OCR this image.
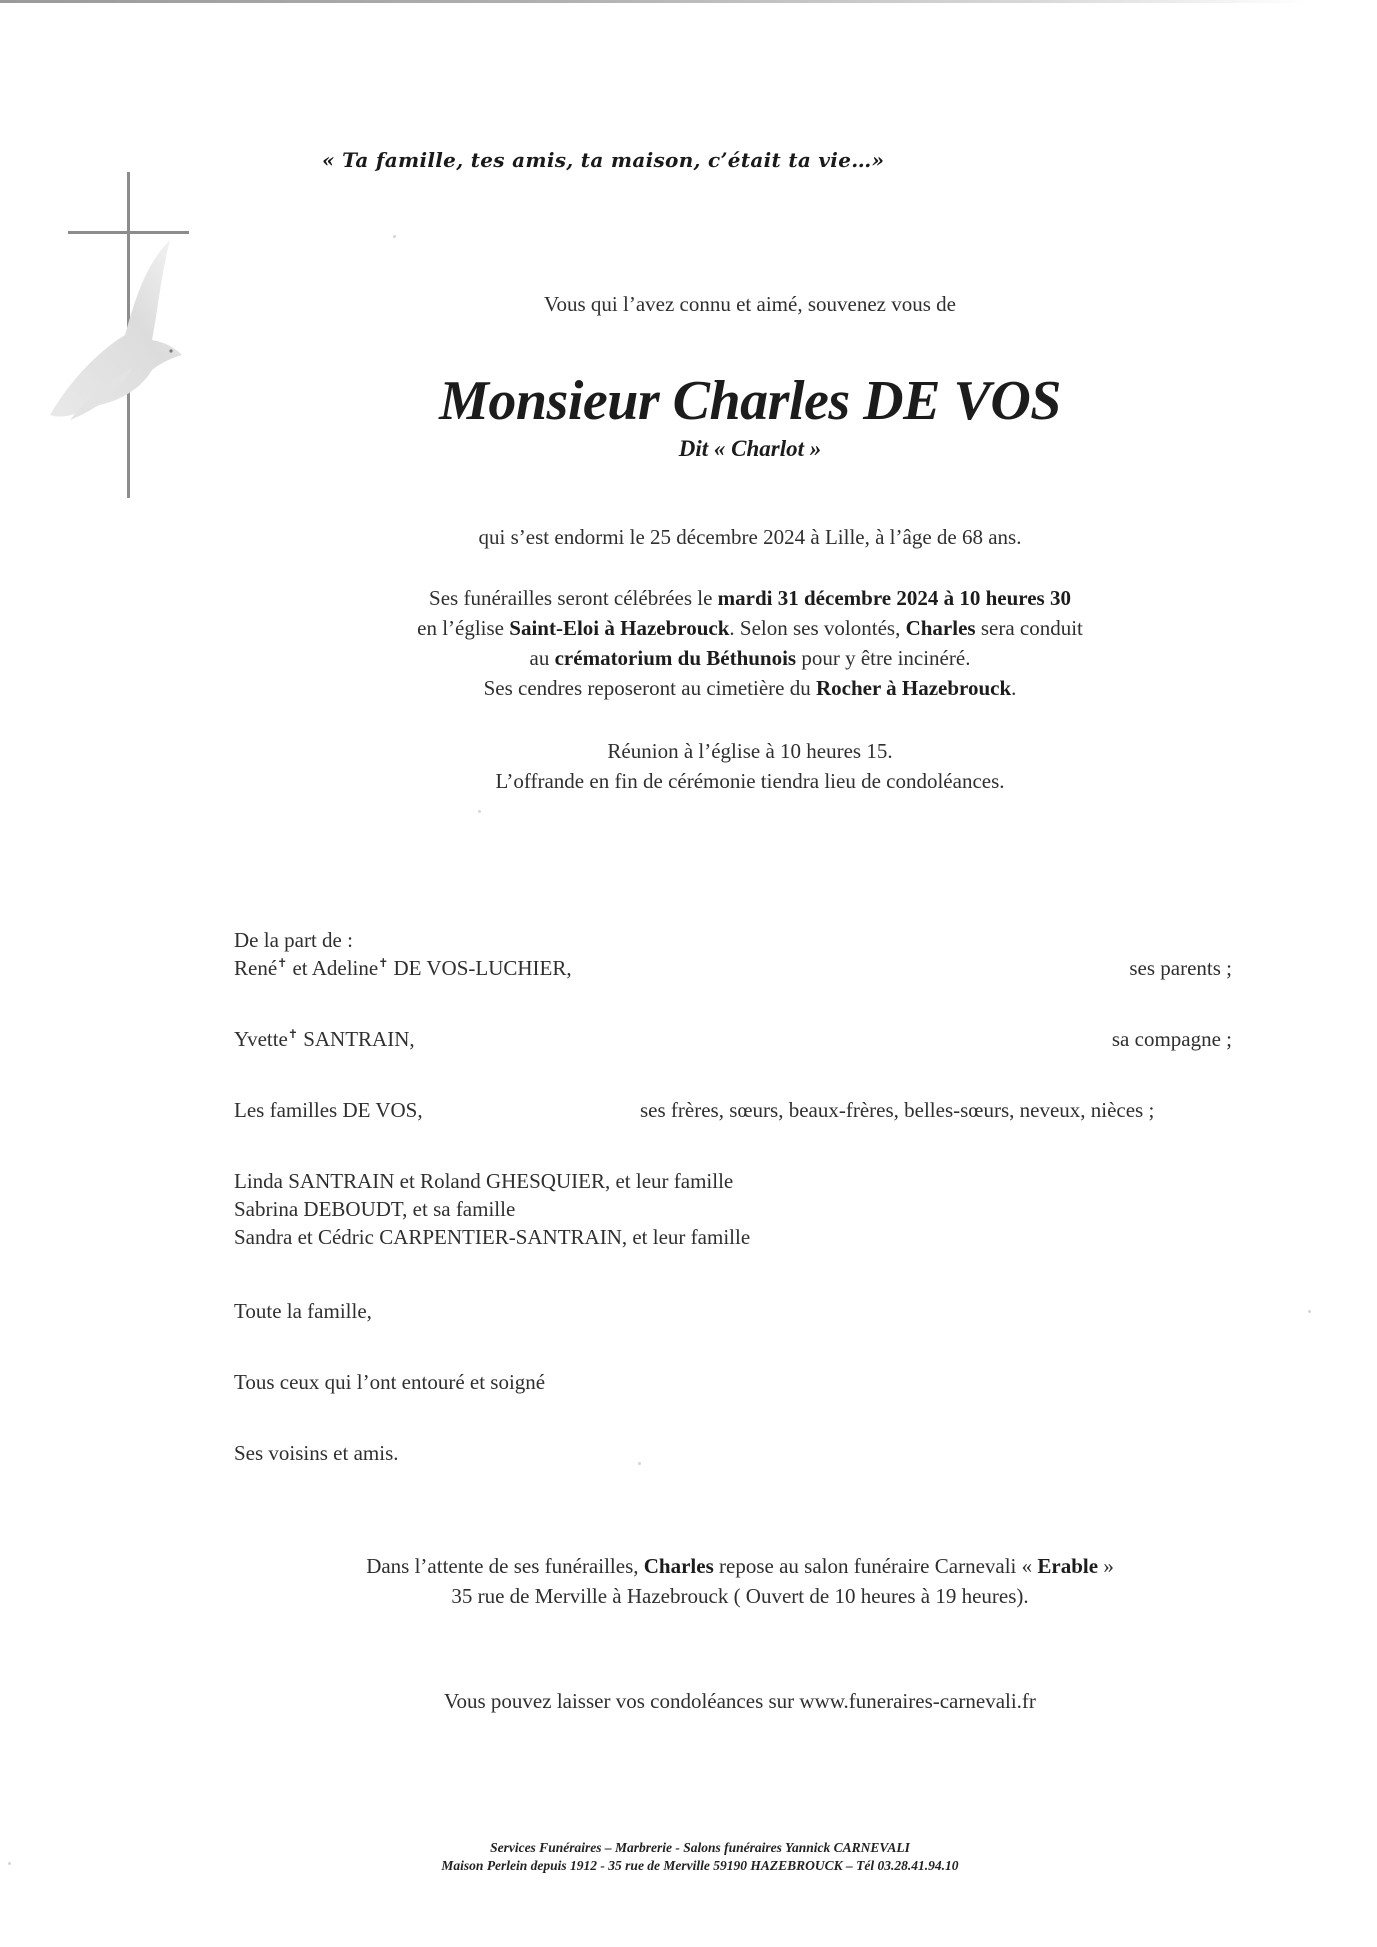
« Ta famille, tes amis, ta maison, c’était ta vie…»
Vous qui l’avez connu et aimé, souvenez vous de
Monsieur Charles DE VOS
Dit « Charlot »
qui s’est endormi le 25 décembre 2024 à Lille, à l’âge de 68 ans.
Ses funérailles seront célébrées le mardi 31 décembre 2024 à 10 heures 30
en l’église Saint-Eloi à Hazebrouck. Selon ses volontés, Charles sera conduit
au crématorium du Béthunois pour y être incinéré.
Ses cendres reposeront au cimetière du Rocher à Hazebrouck.
Réunion à l’église à 10 heures 15.
L’offrande en fin de cérémonie tiendra lieu de condoléances.
De la part de :
René✝ et Adeline✝ DE VOS-LUCHIER,	ses parents ;
Yvette✝ SANTRAIN,	sa compagne ;
Les familles DE VOS,	ses frères, sœurs, beaux-frères, belles-sœurs, neveux, nièces ;
Linda SANTRAIN et Roland GHESQUIER, et leur famille
Sabrina DEBOUDT, et sa famille
Sandra et Cédric CARPENTIER-SANTRAIN, et leur famille
Toute la famille,
Tous ceux qui l’ont entouré et soigné
Ses voisins et amis.
Dans l’attente de ses funérailles, Charles repose au salon funéraire Carnevali « Erable »
35 rue de Merville à Hazebrouck ( Ouvert de 10 heures à 19 heures).
Vous pouvez laisser vos condoléances sur www.funeraires-carnevali.fr
Services Funéraires – Marbrerie - Salons funéraires Yannick CARNEVALI
Maison Perlein depuis 1912 - 35 rue de Merville 59190 HAZEBROUCK – Tél 03.28.41.94.10
